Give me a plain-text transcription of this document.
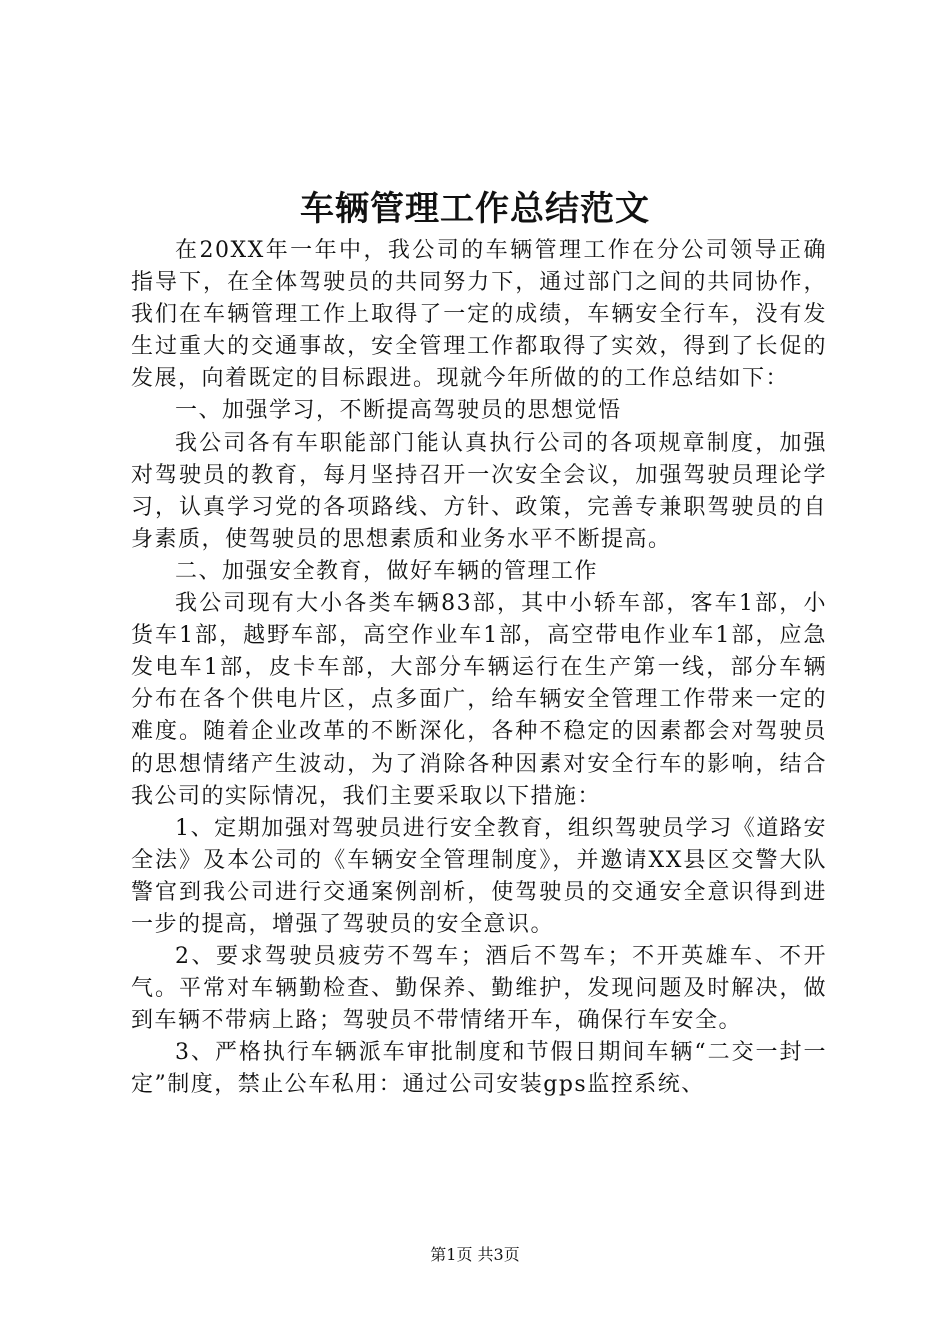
车辆管理工作总结范文

在20XX年一年中，我公司的车辆管理工作在分公司领导正确指导下，在全体驾驶员的共同努力下，通过部门之间的共同协作，我们在车辆管理工作上取得了一定的成绩，车辆安全行车，没有发生过重大的交通事故，安全管理工作都取得了实效，得到了长促的发展，向着既定的目标跟进。现就今年所做的的工作总结如下：

一、加强学习，不断提高驾驶员的思想觉悟

我公司各有车职能部门能认真执行公司的各项规章制度，加强对驾驶员的教育，每月坚持召开一次安全会议，加强驾驶员理论学习，认真学习党的各项路线、方针、政策，完善专兼职驾驶员的自身素质，使驾驶员的思想素质和业务水平不断提高。

二、加强安全教育，做好车辆的管理工作

我公司现有大小各类车辆83部，其中小轿车部，客车1部，小货车1部，越野车部，高空作业车1部，高空带电作业车1部，应急发电车1部，皮卡车部，大部分车辆运行在生产第一线，部分车辆分布在各个供电片区，点多面广，给车辆安全管理工作带来一定的难度。随着企业改革的不断深化，各种不稳定的因素都会对驾驶员的思想情绪产生波动，为了消除各种因素对安全行车的影响，结合我公司的实际情况，我们主要采取以下措施：

1、定期加强对驾驶员进行安全教育，组织驾驶员学习《道路安全法》及本公司的《车辆安全管理制度》，并邀请XX县区交警大队警官到我公司进行交通案例剖析，使驾驶员的交通安全意识得到进一步的提高，增强了驾驶员的安全意识。

2、要求驾驶员疲劳不驾车；酒后不驾车；不开英雄车、不开气。平常对车辆勤检查、勤保养、勤维护，发现问题及时解决，做到车辆不带病上路；驾驶员不带情绪开车，确保行车安全。

3、严格执行车辆派车审批制度和节假日期间车辆“二交一封一定”制度，禁止公车私用：通过公司安装gps监控系统、

第1页 共3页
